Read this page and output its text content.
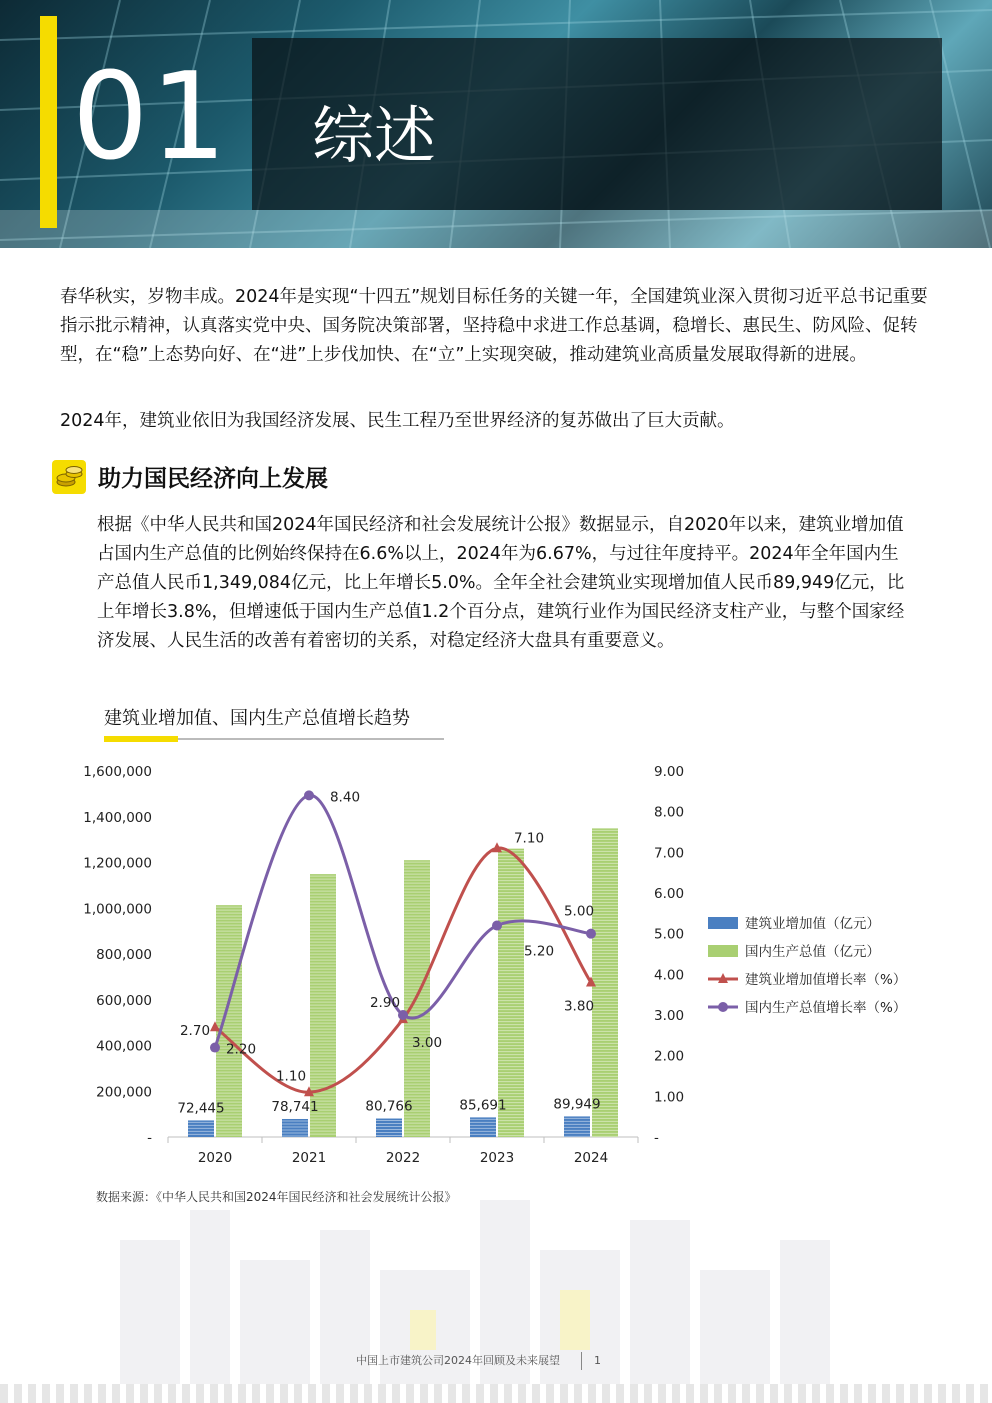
01 综述

春华秋实，岁物丰成。2024年是实现“十四五”规划目标任务的关键一年，全国建筑业深入贯彻习近平总书记重要指示批示精神，认真落实党中央、国务院决策部署，坚持稳中求进工作总基调，稳增长、惠民生、防风险、促转型，在“稳”上态势向好、在“进”上步伐加快、在“立”上实现突破，推动建筑业高质量发展取得新的进展。

2024年，建筑业依旧为我国经济发展、民生工程乃至世界经济的复苏做出了巨大贡献。

助力国民经济向上发展

根据《中华人民共和国2024年国民经济和社会发展统计公报》数据显示，自2020年以来，建筑业增加值占国内生产总值的比例始终保持在6.6%以上，2024年为6.67%，与过往年度持平。2024年全年国内生产总值人民币1,349,084亿元，比上年增长5.0%。全年全社会建筑业实现增加值人民币89,949亿元，比上年增长3.8%，但增速低于国内生产总值1.2个百分点，建筑行业作为国民经济支柱产业，与整个国家经济发展、人民生活的改善有着密切的关系，对稳定经济大盘具有重要意义。

建筑业增加值、国内生产总值增长趋势
-
200,000
400,000
600,000
800,000
1,000,000
1,200,000
1,400,000
1,600,000
-
1.00
2.00
3.00
4.00
5.00
6.00
7.00
8.00
9.00
2020	2021	2022	2023	2024
72,445	78,741	80,766	85,691	89,949
2.70
1.10
2.90
7.10
3.80
2.20
8.40
3.00
5.20
5.00
建筑业增加值（亿元）
国内生产总值（亿元）
建筑业增加值增长率（%）
国内生产总值增长率（%）
数据来源：《中华人民共和国2024年国民经济和社会发展统计公报》
中国上市建筑公司2024年回顾及未来展望	1
